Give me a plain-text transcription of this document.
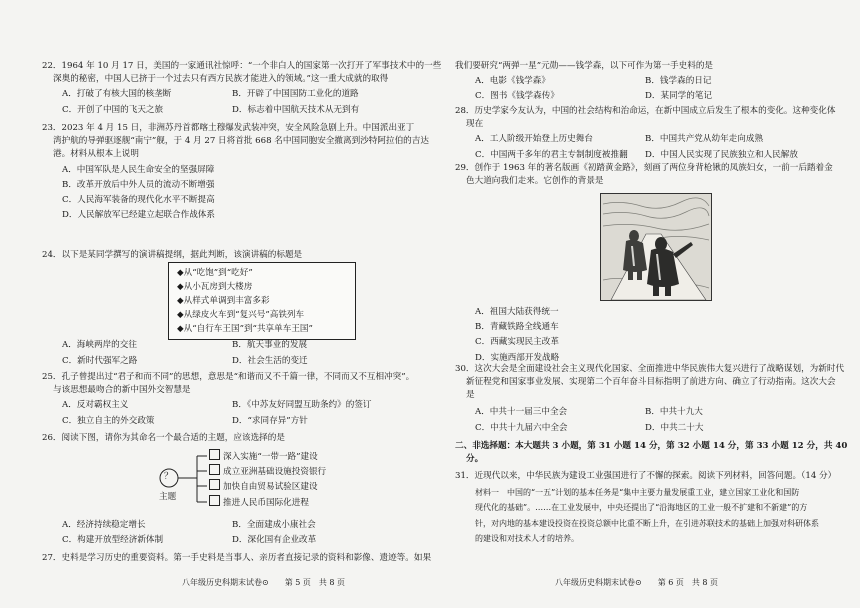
22．1964 年 10 月 17 日，美国的一家通讯社惊呼：“一个非白人的国家第一次打开了军事技术中的一些
深奥的秘密，中国人已挤于一个过去只有西方民族才能进入的领域。”这一重大成就的取得
A．打破了有核大国的核垄断	B．开辟了中国国防工业化的道路
C．开创了中国的飞天之旅	D．标志着中国航天技术从无到有
23．2023 年 4 月 15 日，非洲苏丹首都喀土穆爆发武装冲突，安全风险急剧上升。中国派出亚丁
湾护航的导弹驱逐舰“南宁”舰，于 4 月 27 日将首批 668 名中国同胞安全撤离到沙特阿拉伯的吉达
港。材料从根本上说明
A．中国军队是人民生命安全的坚强屏障
B．改革开放后中外人员的流动不断增强
C．人民海军装备的现代化水平不断提高
D．人民解放军已经建立起联合作战体系
24．以下是某同学撰写的演讲稿提纲，据此判断，该演讲稿的标题是
◆从“吃饱”到“吃好”
◆从小瓦房到大楼房
◆从样式单调到丰富多彩
◆从绿皮火车到“复兴号”高铁列车
◆从“自行车王国”到“共享单车王国”
A．海峡两岸的交往	B．航天事业的发展
C．新时代强军之路	D．社会生活的变迁
25．孔子曾提出过“君子和而不同”的思想，意思是“和谐而又不千篇一律，不同而又不互相冲突”。
与该思想最吻合的新中国外交智慧是
A．反对霸权主义	B．《中苏友好同盟互助条约》的签订
C．独立自主的外交政策	D．“求同存异”方针
26．阅读下图，请你为其命名一个最合适的主题，应该选择的是
？
主题
深入实施“一带一路”建设
成立亚洲基础设施投资银行
加快自由贸易试验区建设
推进人民币国际化进程
A．经济持续稳定增长	B．全面建成小康社会
C．构建开放型经济新体制	D．深化国有企业改革
27．史料是学习历史的重要资料。第一手史料是当事人、亲历者直接记录的资料和影像、遗迹等。如果
八年级历史科期末试卷⊙　　第 5 页　共 8 页
我们要研究“两弹一星”元勋——钱学森，以下可作为第一手史料的是
A．电影《钱学森》	B．钱学森的日记
C．图书《钱学森传》	D．某同学的笔记
28．历史学家今友认为，中国的社会结构和治命运，在新中国成立后发生了根本的变化。这种变化体
现在
A．工人阶级开始登上历史舞台	B．中国共产党从幼年走向成熟
C．中国两千多年的君主专制制度被推翻	D．中国人民实现了民族独立和人民解放
29．创作于 1963 年的著名版画《初踏黄金路》，刻画了两位身背枪锹的凤族妇女，一前一后踏着金
色大道向我们走来。它创作的背景是
A．祖国大陆获得统一
B．青藏铁路全线通车
C．西藏实现民主改革
D．实施西部开发战略
30．这次大会是全面建设社会主义现代化国家、全面推进中华民族伟大复兴进行了战略谋划，为新时代
新征程党和国家事业发展、实现第二个百年奋斗目标指明了前进方向、确立了行动指南。这次大会
是
A．中共十一届三中全会	B．中共十九大
C．中共十九届六中全会	D．中共二十大
二、非选择题：本大题共 3 小题，第 31 小题 14 分，第 32 小题 14 分，第 33 小题 12 分，共 40
分。
31．近现代以来，中华民族为建设工业强国进行了不懈的探索。阅读下列材料，回答问题。（14 分）
材料一　中国的“一五”计划的基本任务是“集中主要力量发展重工业，建立国家工业化和国防
现代化的基础”。……在工业发展中，中央还提出了“沿海地区的工业一般不扩建和不新建”的方
针，对内地的基本建设投资在投资总额中比重不断上升，在引进苏联技术的基础上加强对科研体系
的建设和对技术人才的培养。
八年级历史科期末试卷⊙　　第 6 页　共 8 页
